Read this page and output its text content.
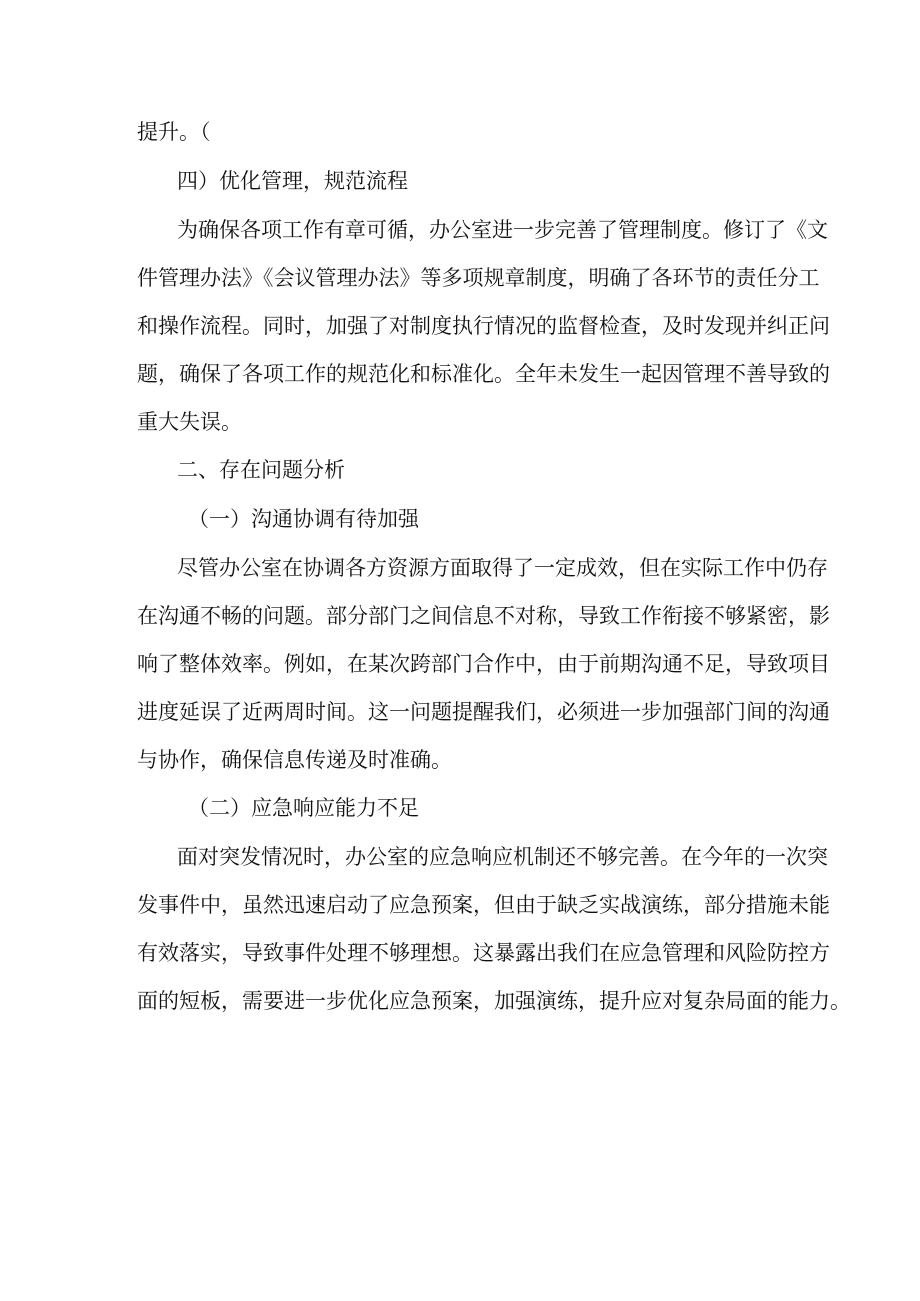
提升。（
四）优化管理，规范流程
为确保各项工作有章可循，办公室进一步完善了管理制度。修订了《文
件管理办法》《会议管理办法》等多项规章制度，明确了各环节的责任分工
和操作流程。同时，加强了对制度执行情况的监督检查，及时发现并纠正问
题，确保了各项工作的规范化和标准化。全年未发生一起因管理不善导致的
重大失误。
二、存在问题分析
（一）沟通协调有待加强
尽管办公室在协调各方资源方面取得了一定成效，但在实际工作中仍存
在沟通不畅的问题。部分部门之间信息不对称，导致工作衔接不够紧密，影
响了整体效率。例如，在某次跨部门合作中，由于前期沟通不足，导致项目
进度延误了近两周时间。这一问题提醒我们，必须进一步加强部门间的沟通
与协作，确保信息传递及时准确。
（二）应急响应能力不足
面对突发情况时，办公室的应急响应机制还不够完善。在今年的一次突
发事件中，虽然迅速启动了应急预案，但由于缺乏实战演练，部分措施未能
有效落实，导致事件处理不够理想。这暴露出我们在应急管理和风险防控方
面的短板，需要进一步优化应急预案，加强演练，提升应对复杂局面的能力。
